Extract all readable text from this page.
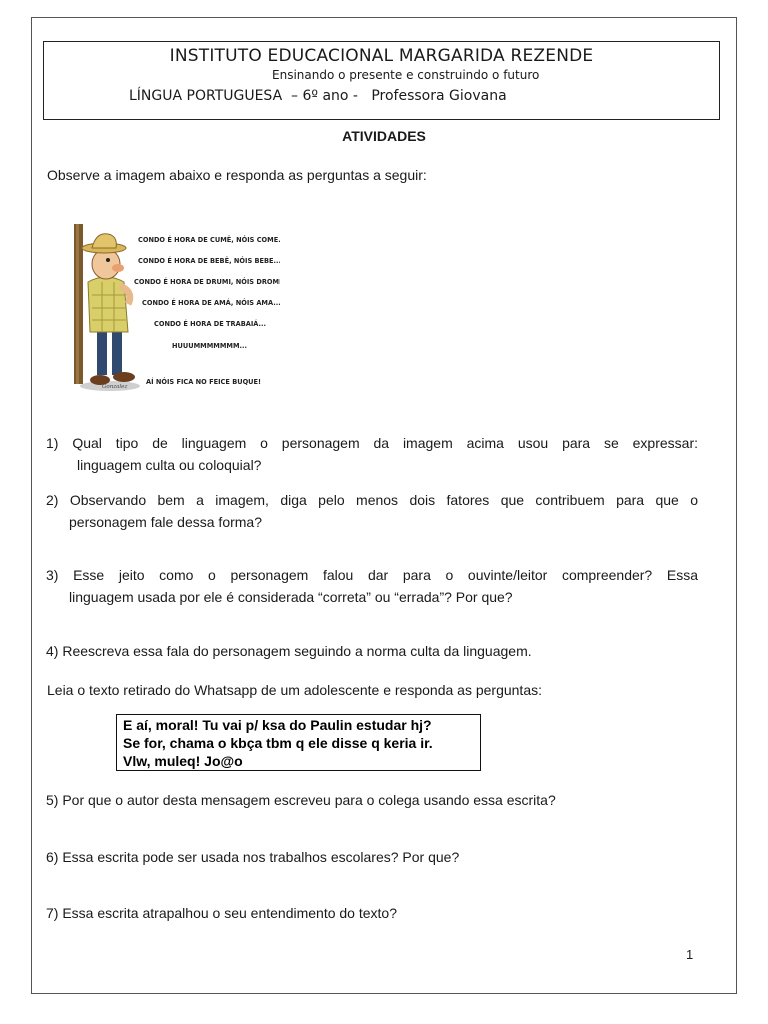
INSTITUTO EDUCACIONAL MARGARIDA REZENDE
Ensinando o presente e construindo o futuro
LÍNGUA PORTUGUESA  – 6º ano -   Professora Giovana
ATIVIDADES
Observe a imagem abaixo e responda as perguntas a seguir:
Gonzalez
CONDO É HORA DE CUMÊ, NÓIS COME...
CONDO É HORA DE BEBÊ, NÓIS BEBE...
CONDO É HORA DE DRUMI, NÓIS DROME...
CONDO É HORA DE AMÁ, NÓIS AMA...
CONDO É HORA DE TRABAIÁ...
HUUUMMMMMMM...
AÍ NÓIS FICA NO FEICE BUQUE!
1) Qual tipo de linguagem o personagem da imagem acima usou para se expressar:
linguagem culta ou coloquial?
2) Observando bem a imagem, diga pelo menos dois fatores que contribuem para que o
personagem fale dessa forma?
3) Esse jeito como o personagem falou dar para o ouvinte/leitor compreender? Essa
linguagem usada por ele é considerada “correta” ou “errada”? Por que?
4) Reescreva essa fala do personagem seguindo a norma culta da linguagem.
Leia o texto retirado do Whatsapp de um adolescente e responda as perguntas:
E aí, moral! Tu vai p/ ksa do Paulin estudar hj?
Se for, chama o kbça tbm q ele disse q keria ir.
Vlw, muleq! Jo@o
5) Por que o autor desta mensagem escreveu para o colega usando essa escrita?
6) Essa escrita pode ser usada nos trabalhos escolares? Por que?
7) Essa escrita atrapalhou o seu entendimento do texto?
1
